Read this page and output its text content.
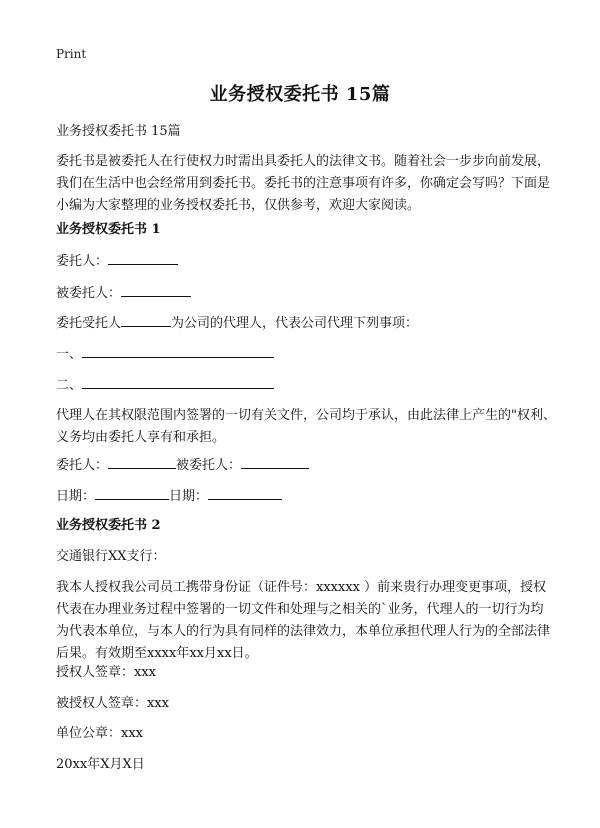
Print
业务授权委托书 15篇

业务授权委托书 15篇

委托书是被委托人在行使权力时需出具委托人的法律文书。随着社会一步步向前发展，我们在生活中也会经常用到委托书。委托书的注意事项有许多，你确定会写吗？下面是小编为大家整理的业务授权委托书，仅供参考，欢迎大家阅读。

业务授权委托书 1

委托人：

被委托人：

委托受托人	为公司的代理人，代表公司代理下列事项：

一、

二、

代理人在其权限范围内签署的一切有关文件，公司均于承认，由此法律上产生的"权利、义务均由委托人享有和承担。

委托人：	被委托人：

日期：	日期：

业务授权委托书 2

交通银行XX支行：

我本人授权我公司员工携带身份证（证件号：xxxxxx ）前来贵行办理变更事项，授权代表在办理业务过程中签署的一切文件和处理与之相关的`业务，代理人的一切行为均为代表本单位，与本人的行为具有同样的法律效力，本单位承担代理人行为的全部法律后果。有效期至xxxx年xx月xx日。

授权人签章：xxx

被授权人签章：xxx

单位公章：xxx

20xx年X月X日
